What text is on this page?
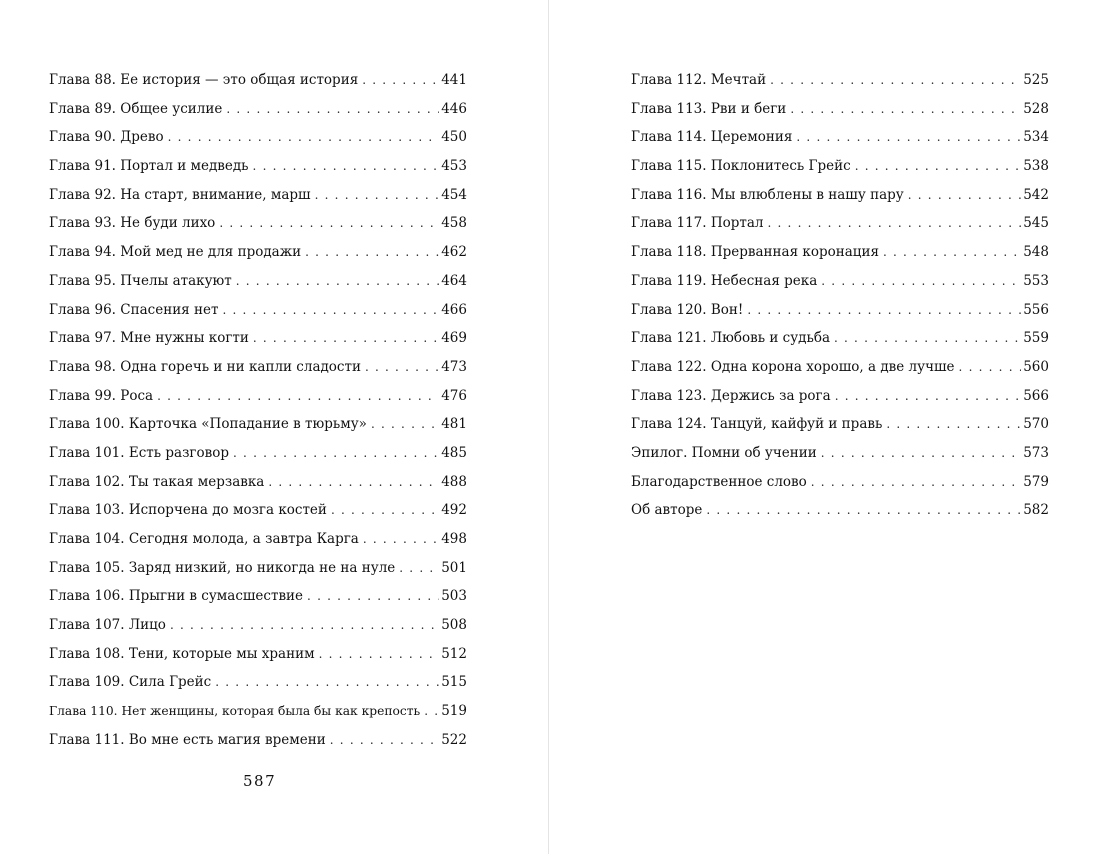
Глава 88. Ее история — это общая история . . .	441
Глава 89. Общее усилие . . .	446
Глава 90. Древо . . .	450
Глава 91. Портал и медведь . . .	453
Глава 92. На старт, внимание, марш . . .	454
Глава 93. Не буди лихо . . .	458
Глава 94. Мой мед не для продажи . . .	462
Глава 95. Пчелы атакуют . . .	464
Глава 96. Спасения нет . . .	466
Глава 97. Мне нужны когти . . .	469
Глава 98. Одна горечь и ни капли сладости . . .	473
Глава 99. Роса . . .	476
Глава 100. Карточка «Попадание в тюрьму» . . .	481
Глава 101. Есть разговор . . .	485
Глава 102. Ты такая мерзавка . . .	488
Глава 103. Испорчена до мозга костей . . .	492
Глава 104. Сегодня молода, а завтра Карга . . .	498
Глава 105. Заряд низкий, но никогда не на нуле . . .	501
Глава 106. Прыгни в сумасшествие . . .	503
Глава 107. Лицо . . .	508
Глава 108. Тени, которые мы храним . . .	512
Глава 109. Сила Грейс . . .	515
Глава 110. Нет женщины, которая была бы как крепость . . . 519
Глава 111. Во мне есть магия времени . . .	522
587
Глава 112. Мечтай . . .	525
Глава 113. Рви и беги . . .	528
Глава 114. Церемония . . .	534
Глава 115. Поклонитесь Грейс . . .	538
Глава 116. Мы влюблены в нашу пару . . .	542
Глава 117. Портал . . .	545
Глава 118. Прерванная коронация . . .	548
Глава 119. Небесная река . . .	553
Глава 120. Вон! . . .	556
Глава 121. Любовь и судьба . . .	559
Глава 122. Одна корона хорошо, а две лучше . . .	560
Глава 123. Держись за рога . . .	566
Глава 124. Танцуй, кайфуй и правь . . .	570
Эпилог. Помни об учении . . .	573
Благодарственное слово . . .	579
Об авторе . . .	582
